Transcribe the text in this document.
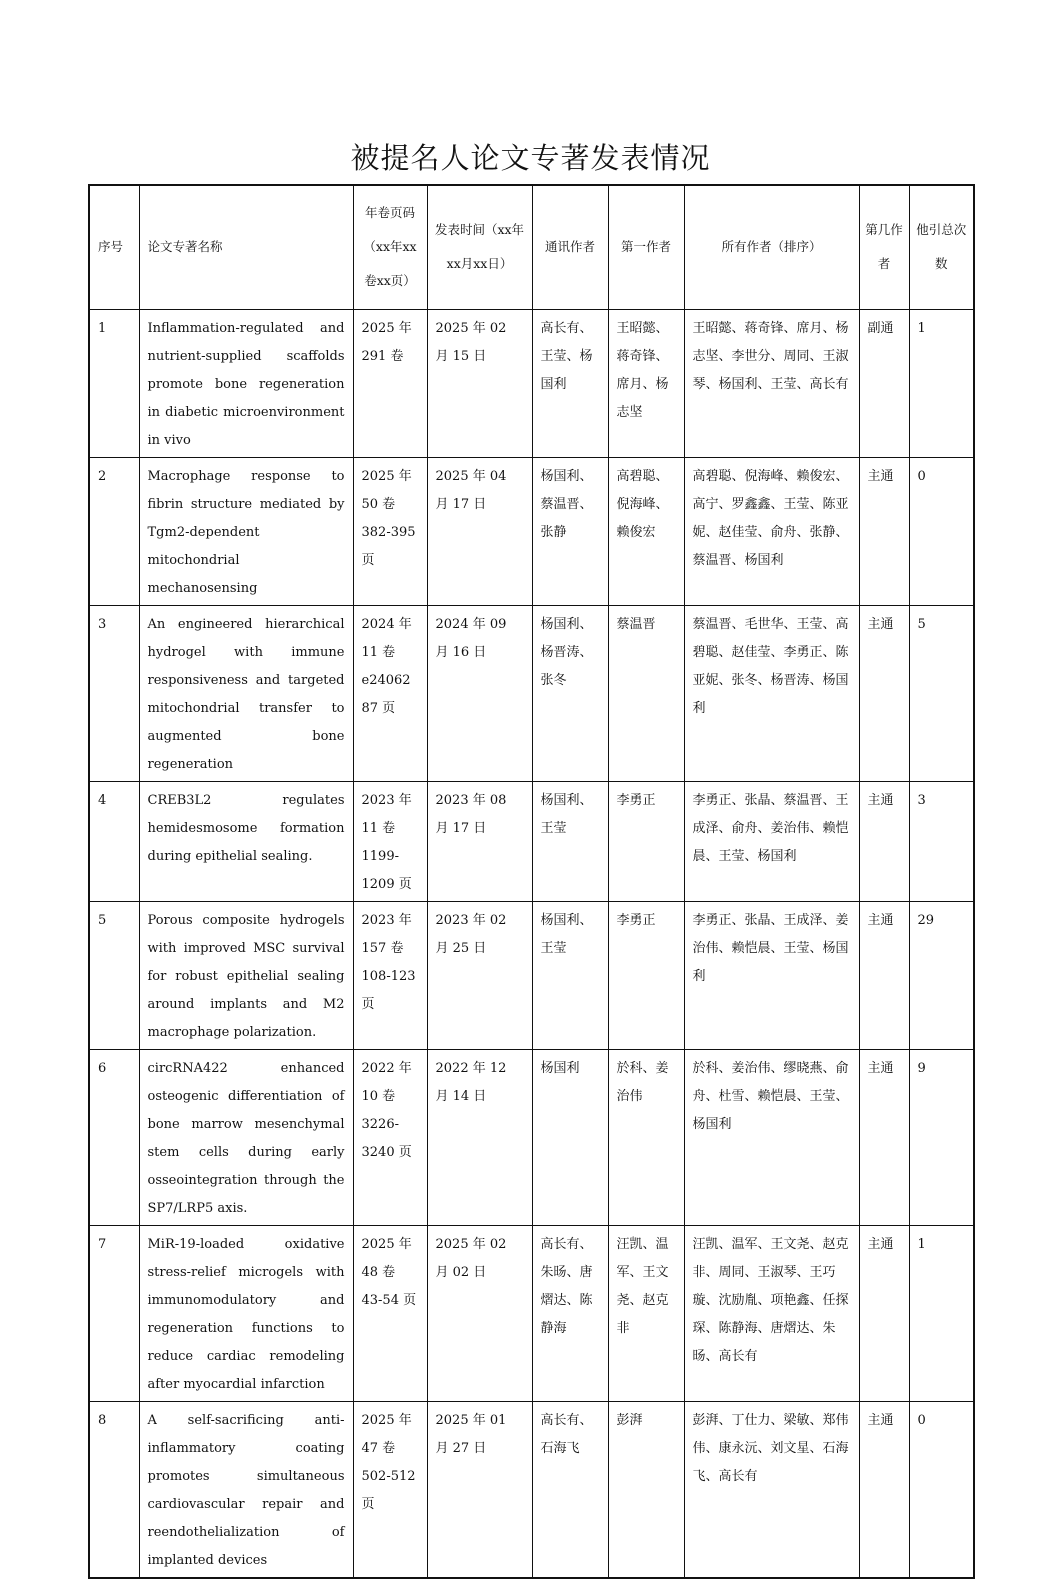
被提名人论文专著发表情况
序号	论文专著名称	年卷页码（xx年xx卷xx页）	发表时间（xx年xx月xx日）	通讯作者	第一作者	所有作者（排序）	第几作者	他引总次数
1	Inflammation-regulated and nutrient-supplied scaffolds promote bone regeneration in diabetic microenvironment in vivo	2025 年 291 卷	2025 年 02 月 15 日	高长有、王莹、杨国利	王昭懿、蒋奇锋、席月、杨志坚	王昭懿、蒋奇锋、席月、杨志坚、李世分、周同、王淑琴、杨国利、王莹、高长有	副通	1
2	Macrophage response to fibrin structure mediated by Tgm2-dependent mitochondrial mechanosensing	2025 年 50 卷 382-395 页	2025 年 04 月 17 日	杨国利、蔡温晋、张静	高碧聪、倪海峰、赖俊宏	高碧聪、倪海峰、赖俊宏、高宁、罗鑫鑫、王莹、陈亚妮、赵佳莹、俞舟、张静、蔡温晋、杨国利	主通	0
3	An engineered hierarchical hydrogel with immune responsiveness and targeted mitochondrial transfer to augmented bone regeneration	2024 年 11 卷 e2406287 页	2024 年 09 月 16 日	杨国利、杨晋涛、张冬	蔡温晋	蔡温晋、毛世华、王莹、高碧聪、赵佳莹、李勇正、陈亚妮、张冬、杨晋涛、杨国利	主通	5
4	CREB3L2 regulates hemidesmosome formation during epithelial sealing.	2023 年 11 卷 1199-1209 页	2023 年 08 月 17 日	杨国利、王莹	李勇正	李勇正、张晶、蔡温晋、王成泽、俞舟、姜治伟、赖恺晨、王莹、杨国利	主通	3
5	Porous composite hydrogels with improved MSC survival for robust epithelial sealing around implants and M2 macrophage polarization.	2023 年 157 卷 108-123 页	2023 年 02 月 25 日	杨国利、王莹	李勇正	李勇正、张晶、王成泽、姜治伟、赖恺晨、王莹、杨国利	主通	29
6	circRNA422 enhanced osteogenic differentiation of bone marrow mesenchymal stem cells during early osseointegration through the SP7/LRP5 axis.	2022 年 10 卷 3226-3240 页	2022 年 12 月 14 日	杨国利	於科、姜治伟	於科、姜治伟、缪晓燕、俞舟、杜雪、赖恺晨、王莹、杨国利	主通	9
7	MiR-19-loaded oxidative stress-relief microgels with immunomodulatory and regeneration functions to reduce cardiac remodeling after myocardial infarction	2025 年 48 卷 43-54 页	2025 年 02 月 02 日	高长有、朱旸、唐熠达、陈静海	汪凯、温军、王文尧、赵克非	汪凯、温军、王文尧、赵克非、周同、王淑琴、王巧璇、沈励胤、项艳鑫、任探琛、陈静海、唐熠达、朱旸、高长有	主通	1
8	A self-sacrificing anti-inflammatory coating promotes simultaneous cardiovascular repair and reendothelialization of implanted devices	2025 年 47 卷 502-512 页	2025 年 01 月 27 日	高长有、石海飞	彭湃	彭湃、丁仕力、梁敏、郑伟伟、康永沅、刘文星、石海飞、高长有	主通	0
